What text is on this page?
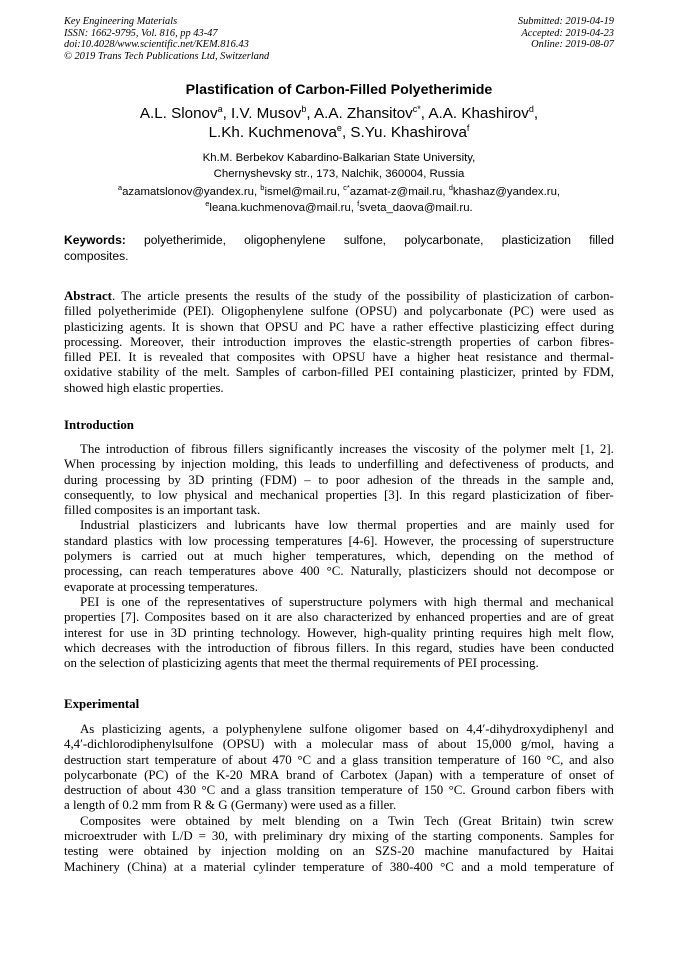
Key Engineering Materials
ISSN: 1662-9795, Vol. 816, pp 43-47
doi:10.4028/www.scientific.net/KEM.816.43
© 2019 Trans Tech Publications Ltd, Switzerland
Submitted: 2019-04-19
Accepted: 2019-04-23
Online: 2019-08-07
Plastification of Carbon-Filled Polyetherimide
A.L. Slonov$^a$, I.V. Musov$^b$, A.A. Zhansitov$^{c*}$, A.A. Khashirov$^d$,
L.Kh. Kuchmenova$^e$, S.Yu. Khashirova$^f$
Kh.M. Berbekov Kabardino-Balkarian State University,
Chernyshevsky str., 173, Nalchik, 360004, Russia
$^a$azamatslonov@yandex.ru, $^b$ismel@mail.ru, $^{c*}$azamat-z@mail.ru, $^d$khashaz@yandex.ru,
$^e$leana.kuchmenova@mail.ru, $^f$sveta_daova@mail.ru.
Keywords: polyetherimide, oligophenylene sulfone, polycarbonate, plasticization filled
composites.
Abstract. The article presents the results of the study of the possibility of plasticization of carbon-
filled polyetherimide (PEI). Oligophenylene sulfone (OPSU) and polycarbonate (PC) were used as
plasticizing agents. It is shown that OPSU and PC have a rather effective plasticizing effect during
processing. Moreover, their introduction improves the elastic-strength properties of carbon fibres-
filled PEI. It is revealed that composites with OPSU have a higher heat resistance and thermal-
oxidative stability of the melt. Samples of carbon-filled PEI containing plasticizer, printed by FDM,
showed high elastic properties.
Introduction
The introduction of fibrous fillers significantly increases the viscosity of the polymer melt [1, 2].
When processing by injection molding, this leads to underfilling and defectiveness of products, and
during processing by 3D printing (FDM) – to poor adhesion of the threads in the sample and,
consequently, to low physical and mechanical properties [3]. In this regard plasticization of fiber-
filled composites is an important task.
Industrial plasticizers and lubricants have low thermal properties and are mainly used for
standard plastics with low processing temperatures [4-6]. However, the processing of superstructure
polymers is carried out at much higher temperatures, which, depending on the method of
processing, can reach temperatures above 400 °C. Naturally, plasticizers should not decompose or
evaporate at processing temperatures.
PEI is one of the representatives of superstructure polymers with high thermal and mechanical
properties [7]. Composites based on it are also characterized by enhanced properties and are of great
interest for use in 3D printing technology. However, high-quality printing requires high melt flow,
which decreases with the introduction of fibrous fillers. In this regard, studies have been conducted
on the selection of plasticizing agents that meet the thermal requirements of PEI processing.
Experimental
As plasticizing agents, a polyphenylene sulfone oligomer based on 4,4′-dihydroxydiphenyl and
4,4′-dichlorodiphenylsulfone (OPSU) with a molecular mass of about 15,000 g/mol, having a
destruction start temperature of about 470 °C and a glass transition temperature of 160 °C, and also
polycarbonate (PC) of the K-20 MRA brand of Carbotex (Japan) with a temperature of onset of
destruction of about 430 °C and a glass transition temperature of 150 °C. Ground carbon fibers with
a length of 0.2 mm from R & G (Germany) were used as a filler.
Composites were obtained by melt blending on a Twin Tech (Great Britain) twin screw
microextruder with L/D = 30, with preliminary dry mixing of the starting components. Samples for
testing were obtained by injection molding on an SZS-20 machine manufactured by Haitai
Machinery (China) at a material cylinder temperature of 380-400 °C and a mold temperature of
